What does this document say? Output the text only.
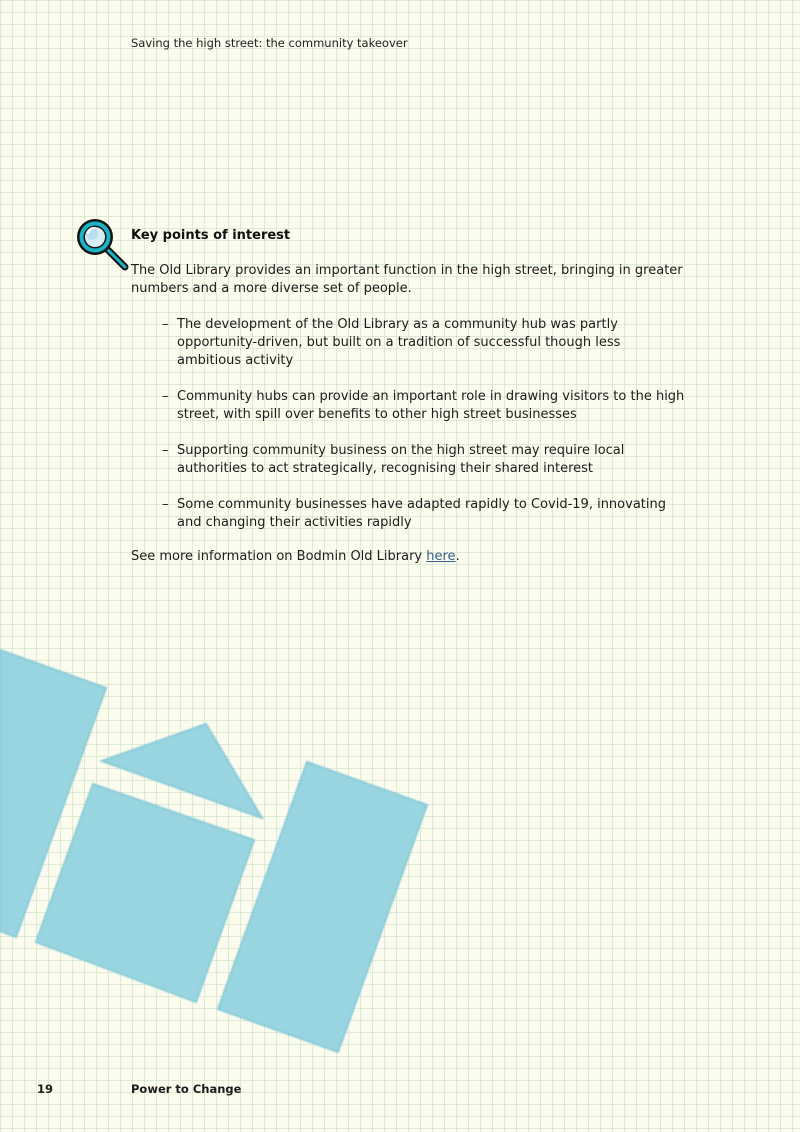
Saving the high street: the community takeover
Key points of interest

The Old Library provides an important function in the high street, bringing in greater numbers and a more diverse set of people.

– The development of the Old Library as a community hub was partly opportunity-driven, but built on a tradition of successful though less ambitious activity
– Community hubs can provide an important role in drawing visitors to the high street, with spill over benefits to other high street businesses
– Supporting community business on the high street may require local authorities to act strategically, recognising their shared interest
– Some community businesses have adapted rapidly to Covid-19, innovating and changing their activities rapidly

See more information on Bodmin Old Library here.

19	Power to Change
